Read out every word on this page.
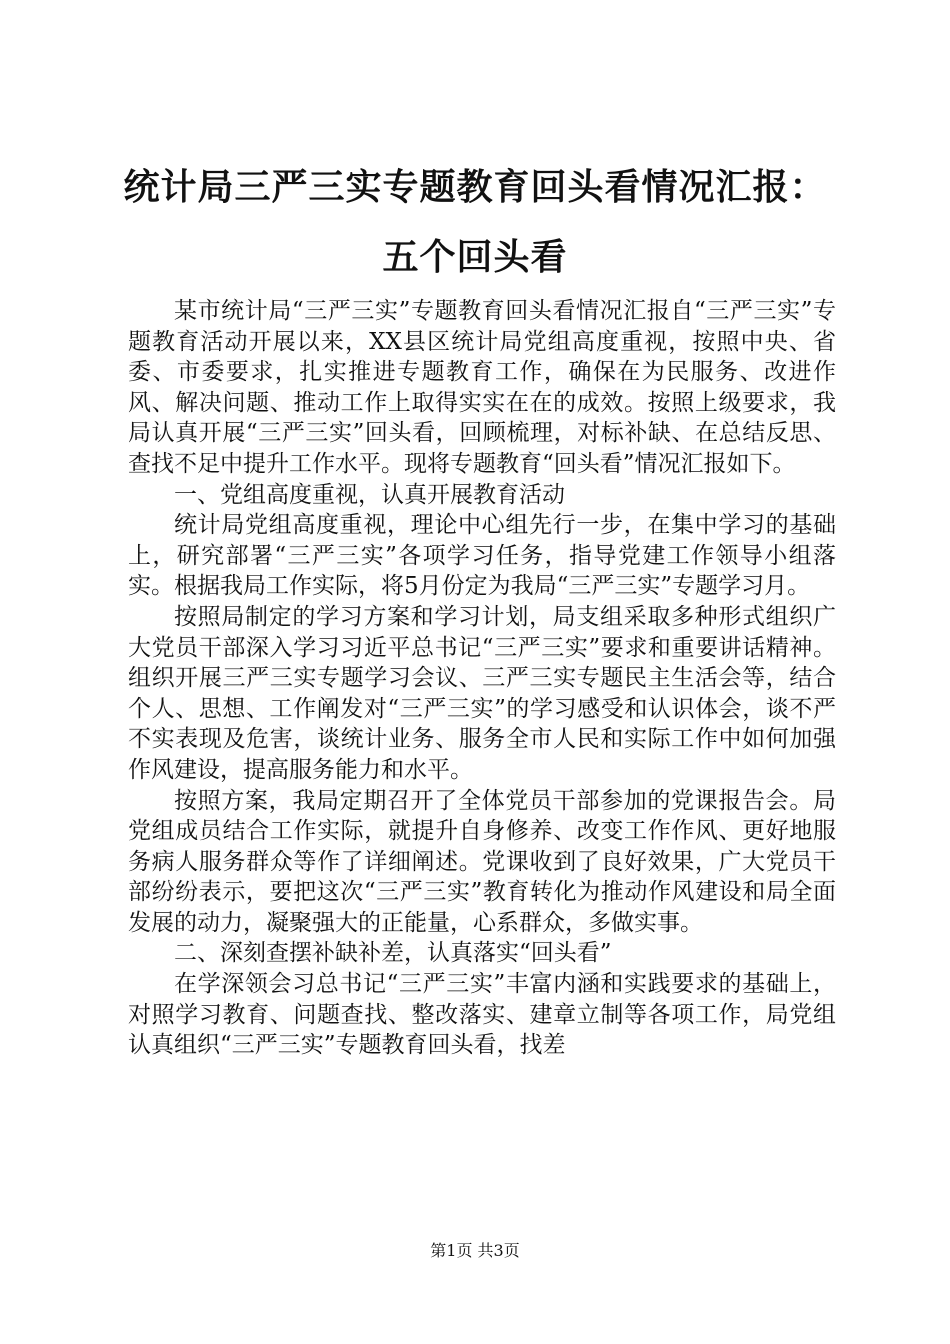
统计局三严三实专题教育回头看情况汇报：五个回头看

某市统计局“三严三实”专题教育回头看情况汇报自“三严三实”专题教育活动开展以来，XX县区统计局党组高度重视，按照中央、省委、市委要求，扎实推进专题教育工作，确保在为民服务、改进作风、解决问题、推动工作上取得实实在在的成效。按照上级要求，我局认真开展“三严三实”回头看，回顾梳理，对标补缺、在总结反思、查找不足中提升工作水平。现将专题教育“回头看”情况汇报如下。

一、党组高度重视，认真开展教育活动

统计局党组高度重视，理论中心组先行一步，在集中学习的基础上，研究部署“三严三实”各项学习任务，指导党建工作领导小组落实。根据我局工作实际，将5月份定为我局“三严三实”专题学习月。

按照局制定的学习方案和学习计划，局支组采取多种形式组织广大党员干部深入学习习近平总书记“三严三实”要求和重要讲话精神。组织开展三严三实专题学习会议、三严三实专题民主生活会等，结合个人、思想、工作阐发对“三严三实”的学习感受和认识体会，谈不严不实表现及危害，谈统计业务、服务全市人民和实际工作中如何加强作风建设，提高服务能力和水平。

按照方案，我局定期召开了全体党员干部参加的党课报告会。局党组成员结合工作实际，就提升自身修养、改变工作作风、更好地服务病人服务群众等作了详细阐述。党课收到了良好效果，广大党员干部纷纷表示，要把这次“三严三实”教育转化为推动作风建设和局全面发展的动力，凝聚强大的正能量，心系群众，多做实事。

二、深刻查摆补缺补差，认真落实“回头看”

在学深领会习总书记“三严三实”丰富内涵和实践要求的基础上，对照学习教育、问题查找、整改落实、建章立制等各项工作，局党组认真组织“三严三实”专题教育回头看，找差

第1页 共3页
